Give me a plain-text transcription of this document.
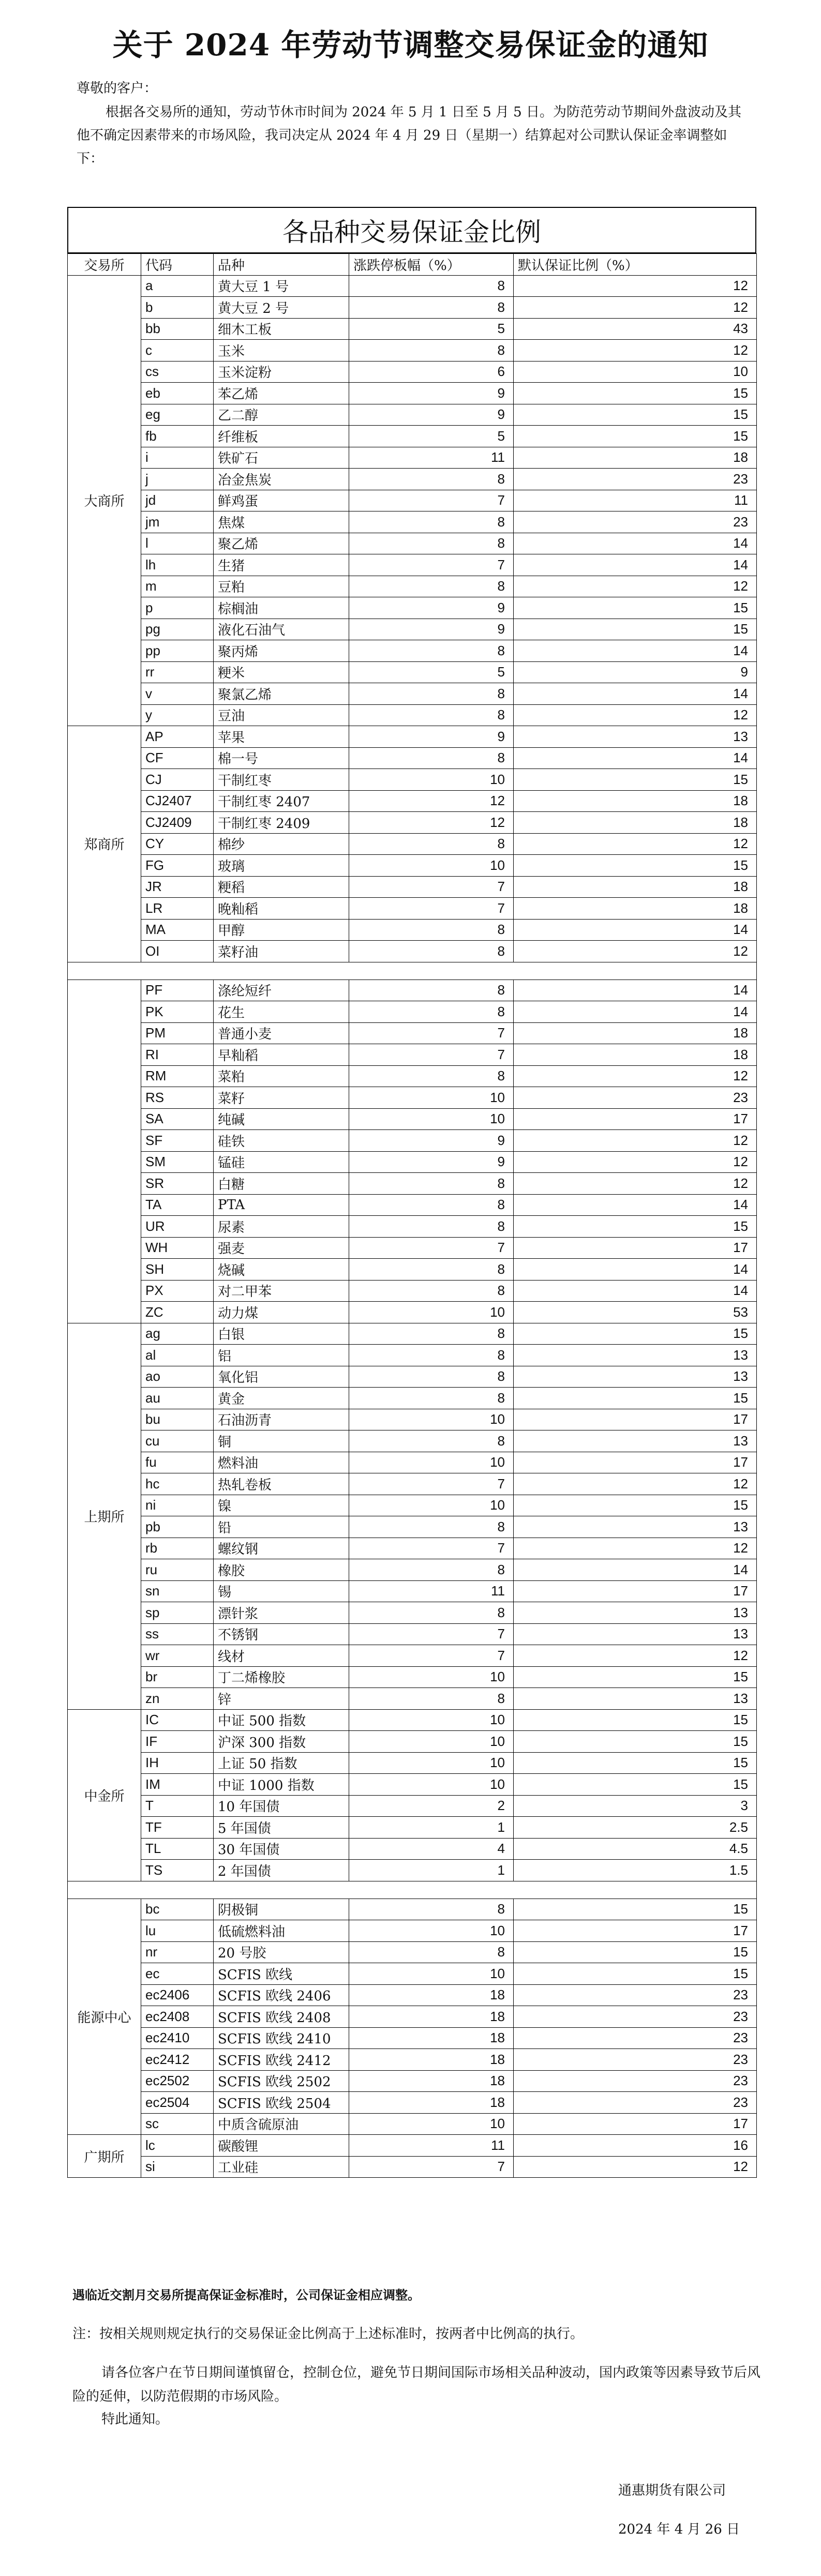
关于 2024 年劳动节调整交易保证金的通知
尊敬的客户：
根据各交易所的通知，劳动节休市时间为 2024 年 5 月 1 日至 5 月 5 日。为防范劳动节期间外盘波动及其他不确定因素带来的市场风险，我司决定从 2024 年 4 月 29 日（星期一）结算起对公司默认保证金率调整如下：
各品种交易保证金比例
交易所	代码	品种	涨跌停板幅（%）	默认保证比例（%）
大商所	a	黄大豆 1 号	8	12
	b	黄大豆 2 号	8	12
	bb	细木工板	5	43
	c	玉米	8	12
	cs	玉米淀粉	6	10
	eb	苯乙烯	9	15
	eg	乙二醇	9	15
	fb	纤维板	5	15
	i	铁矿石	11	18
	j	冶金焦炭	8	23
	jd	鲜鸡蛋	7	11
	jm	焦煤	8	23
	l	聚乙烯	8	14
	lh	生猪	7	14
	m	豆粕	8	12
	p	棕榈油	9	15
	pg	液化石油气	9	15
	pp	聚丙烯	8	14
	rr	粳米	5	9
	v	聚氯乙烯	8	14
	y	豆油	8	12
郑商所	AP	苹果	9	13
	CF	棉一号	8	14
	CJ	干制红枣	10	15
	CJ2407	干制红枣 2407	12	18
	CJ2409	干制红枣 2409	12	18
	CY	棉纱	8	12
	FG	玻璃	10	15
	JR	粳稻	7	18
	LR	晚籼稻	7	18
	MA	甲醇	8	14
	OI	菜籽油	8	12

	PF	涤纶短纤	8	14
	PK	花生	8	14
	PM	普通小麦	7	18
	RI	早籼稻	7	18
	RM	菜粕	8	12
	RS	菜籽	10	23
	SA	纯碱	10	17
	SF	硅铁	9	12
	SM	锰硅	9	12
	SR	白糖	8	12
	TA	PTA	8	14
	UR	尿素	8	15
	WH	强麦	7	17
	SH	烧碱	8	14
	PX	对二甲苯	8	14
	ZC	动力煤	10	53
上期所	ag	白银	8	15
	al	铝	8	13
	ao	氧化铝	8	13
	au	黄金	8	15
	bu	石油沥青	10	17
	cu	铜	8	13
	fu	燃料油	10	17
	hc	热轧卷板	7	12
	ni	镍	10	15
	pb	铅	8	13
	rb	螺纹钢	7	12
	ru	橡胶	8	14
	sn	锡	11	17
	sp	漂针浆	8	13
	ss	不锈钢	7	13
	wr	线材	7	12
	br	丁二烯橡胶	10	15
	zn	锌	8	13
中金所	IC	中证 500 指数	10	15
	IF	沪深 300 指数	10	15
	IH	上证 50 指数	10	15
	IM	中证 1000 指数	10	15
	T	10 年国债	2	3
	TF	5 年国债	1	2.5
	TL	30 年国债	4	4.5
	TS	2 年国债	1	1.5

能源中心	bc	阴极铜	8	15
	lu	低硫燃料油	10	17
	nr	20 号胶	8	15
	ec	SCFIS 欧线	10	15
	ec2406	SCFIS 欧线 2406	18	23
	ec2408	SCFIS 欧线 2408	18	23
	ec2410	SCFIS 欧线 2410	18	23
	ec2412	SCFIS 欧线 2412	18	23
	ec2502	SCFIS 欧线 2502	18	23
	ec2504	SCFIS 欧线 2504	18	23
	sc	中质含硫原油	10	17
广期所	lc	碳酸锂	11	16
	si	工业硅	7	12
遇临近交割月交易所提高保证金标准时，公司保证金相应调整。
注：按相关规则规定执行的交易保证金比例高于上述标准时，按两者中比例高的执行。
请各位客户在节日期间谨慎留仓，控制仓位，避免节日期间国际市场相关品种波动，国内政策等因素导致节后风险的延伸，以防范假期的市场风险。
特此通知。
通惠期货有限公司
2024 年 4 月 26 日
